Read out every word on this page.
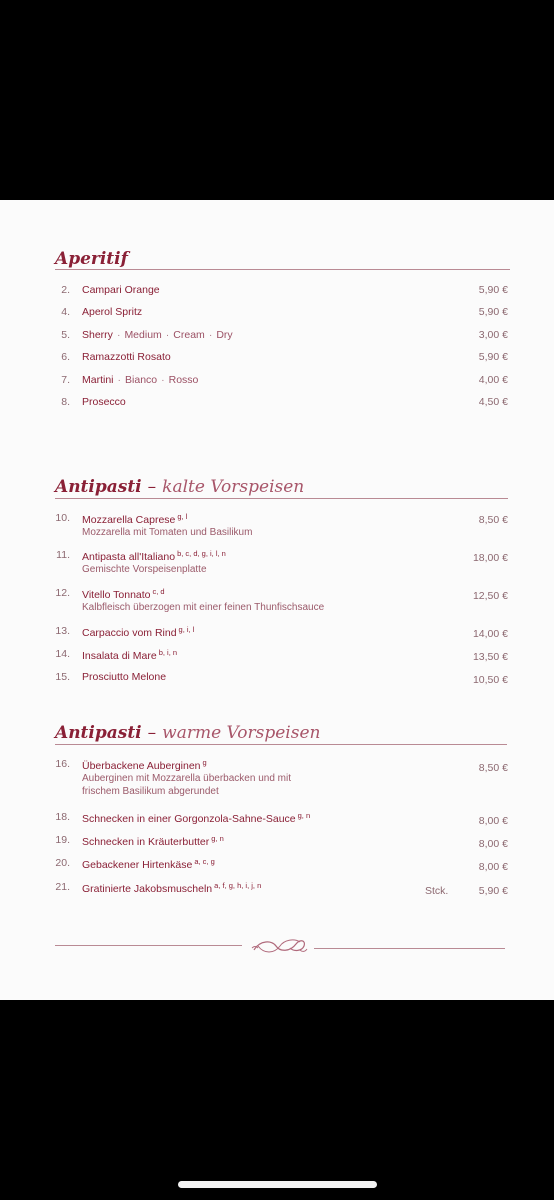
Aperitif
2. Campari Orange	5,90 €
4. Aperol Spritz	5,90 €
5. Sherry · Medium · Cream · Dry	3,00 €
6. Ramazzotti Rosato	5,90 €
7. Martini · Bianco · Rosso	4,00 €
8. Prosecco	4,50 €
Antipasti – kalte Vorspeisen
10. Mozzarella Caprese $^{g, l}$	8,50 €
Mozzarella mit Tomaten und Basilikum
11. Antipasta all'Italiano $^{b, c, d, g, i, l, n}$	18,00 €
Gemischte Vorspeisenplatte
12. Vitello Tonnato $^{c, d}$	12,50 €
Kalbfleisch überzogen mit einer feinen Thunfischsauce
13. Carpaccio vom Rind $^{g, i, l}$	14,00 €
14. Insalata di Mare $^{b, i, n}$	13,50 €
15. Prosciutto Melone	10,50 €
Antipasti – warme Vorspeisen
16. Überbackene Auberginen $^g$	8,50 €
Auberginen mit Mozzarella überbacken und mit
frischem Basilikum abgerundet
18. Schnecken in einer Gorgonzola-Sahne-Sauce $^{g, n}$	8,00 €
19. Schnecken in Kräuterbutter $^{g, n}$	8,00 €
20. Gebackener Hirtenkäse $^{a, c, g}$	8,00 €
21. Gratinierte Jakobsmuscheln $^{a, f, g, h, i, j, n}$	Stck.	5,90 €
